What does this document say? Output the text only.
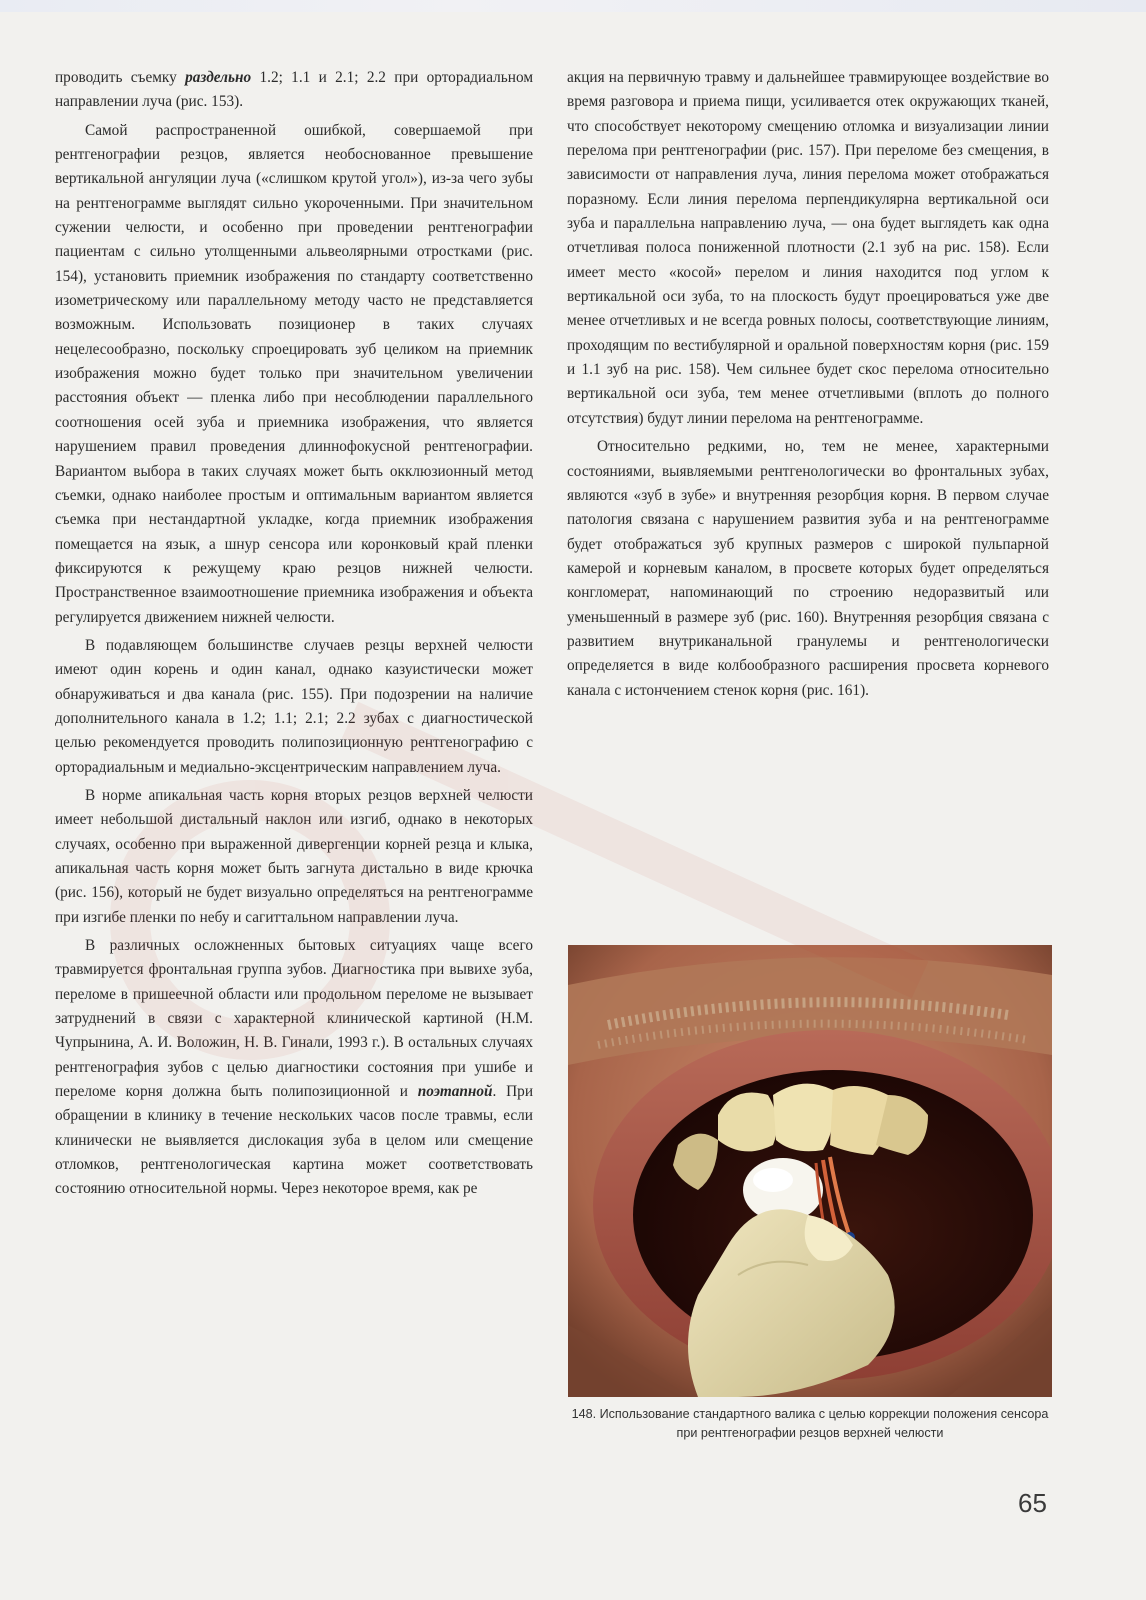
проводить съемку раздельно 1.2; 1.1 и 2.1; 2.2 при орторадиальном направлении луча (рис. 153).

Самой распространенной ошибкой, совершаемой при рентгенографии резцов, является необоснованное превышение вертикальной ангуляции луча («слишком крутой угол»), из-за чего зубы на рентгенограмме выглядят сильно укороченными. При значительном сужении челюсти, и особенно при проведении рентгенографии пациентам с сильно утолщенными альвеолярными отростками (рис. 154), установить приемник изображения по стандарту соответственно изометрическому или параллельному методу часто не представляется возможным. Использовать позиционер в таких случаях нецелесообразно, поскольку спроецировать зуб целиком на приемник изображения можно будет только при значительном увеличении расстояния объект — пленка либо при несоблюдении параллельного соотношения осей зуба и приемника изображения, что является нарушением правил проведения длиннофокусной рентгенографии. Вариантом выбора в таких случаях может быть окклюзионный метод съемки, однако наиболее простым и оптимальным вариантом является съемка при нестандартной укладке, когда приемник изображения помещается на язык, а шнур сенсора или коронковый край пленки фиксируются к режущему краю резцов нижней челюсти. Пространственное взаимоотношение приемника изображения и объекта регулируется движением нижней челюсти.

В подавляющем большинстве случаев резцы верхней челюсти имеют один корень и один канал, однако казуистически может обнаруживаться и два канала (рис. 155). При подозрении на наличие дополнительного канала в 1.2; 1.1; 2.1; 2.2 зубах с диагностической целью рекомендуется проводить полипозиционную рентгенографию с орторадиальным и медиально-эксцентрическим направлением луча.

В норме апикальная часть корня вторых резцов верхней челюсти имеет небольшой дистальный наклон или изгиб, однако в некоторых случаях, особенно при выраженной дивергенции корней резца и клыка, апикальная часть корня может быть загнута дистально в виде крючка (рис. 156), который не будет визуально определяться на рентгенограмме при изгибе пленки по небу и сагиттальном направлении луча.

В различных осложненных бытовых ситуациях чаще всего травмируется фронтальная группа зубов. Диагностика при вывихе зуба, переломе в пришеечной области или продольном переломе не вызывает затруднений в связи с характерной клинической картиной (Н.М. Чупрынина, А. И. Воложин, Н. В. Гинали, 1993 г.). В остальных случаях рентгенография зубов с целью диагностики состояния при ушибе и переломе корня должна быть полипозиционной и поэтапной. При обращении в клинику в течение нескольких часов после травмы, если клинически не выявляется дислокация зуба в целом или смещение отломков, рентгенологическая картина может соответствовать состоянию относительной нормы. Через некоторое время, как ре

акция на первичную травму и дальнейшее травмирующее воздействие во время разговора и приема пищи, усиливается отек окружающих тканей, что способствует некоторому смещению отломка и визуализации линии перелома при рентгенографии (рис. 157). При переломе без смещения, в зависимости от направления луча, линия перелома может отображаться поразному. Если линия перелома перпендикулярна вертикальной оси зуба и параллельна направлению луча, — она будет выглядеть как одна отчетливая полоса пониженной плотности (2.1 зуб на рис. 158). Если имеет место «косой» перелом и линия находится под углом к вертикальной оси зуба, то на плоскость будут проецироваться уже две менее отчетливых и не всегда ровных полосы, соответствующие линиям, проходящим по вестибулярной и оральной поверхностям корня (рис. 159 и 1.1 зуб на рис. 158). Чем сильнее будет скос перелома относительно вертикальной оси зуба, тем менее отчетливыми (вплоть до полного отсутствия) будут линии перелома на рентгенограмме.

Относительно редкими, но, тем не менее, характерными состояниями, выявляемыми рентгенологически во фронтальных зубах, являются «зуб в зубе» и внутренняя резорбция корня. В первом случае патология связана с нарушением развития зуба и на рентгенограмме будет отображаться зуб крупных размеров с широкой пульпарной камерой и корневым каналом, в просвете которых будет определяться конгломерат, напоминающий по строению недоразвитый или уменьшенный в размере зуб (рис. 160). Внутренняя резорбция связана с развитием внутриканальной гранулемы и рентгенологически определяется в виде колбообразного расширения просвета корневого канала с истончением стенок корня (рис. 161).

148. Использование стандартного валика с целью коррекции положения сенсора при рентгенографии резцов верхней челюсти
65
